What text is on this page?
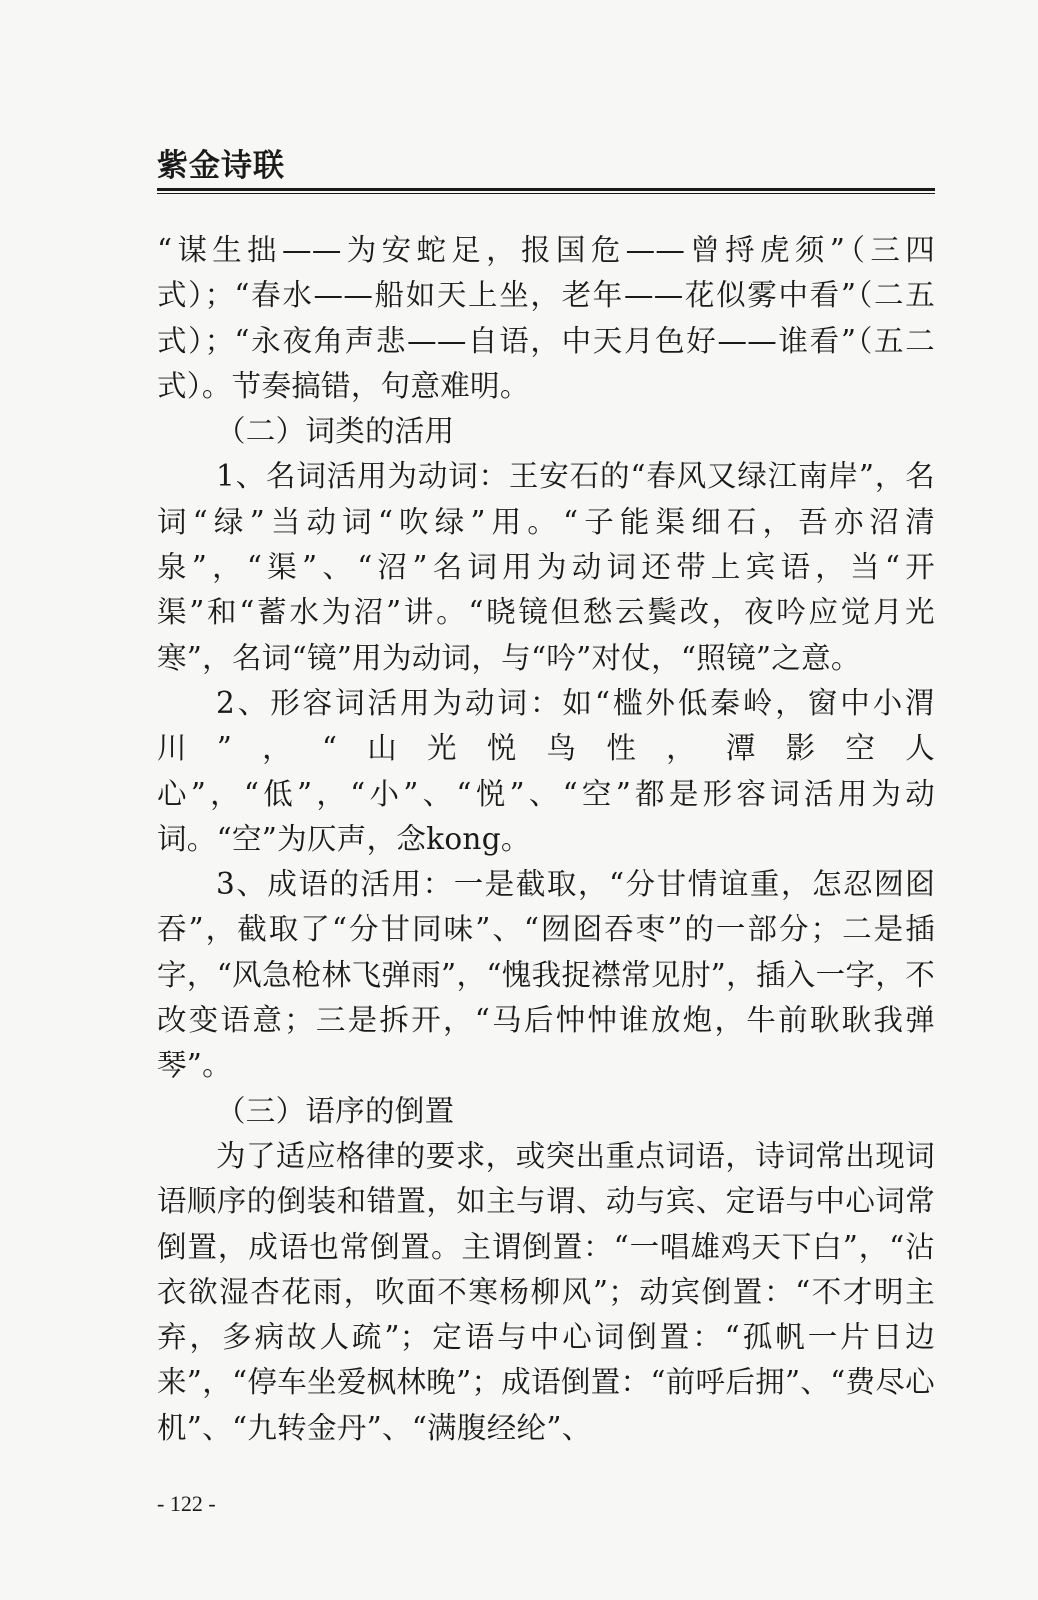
紫金诗联

“谋生拙——为安蛇足，报国危——曾捋虎须”（三四式）；“春水——船如天上坐，老年——花似雾中看”（二五式）；“永夜角声悲——自语，中天月色好——谁看”（五二式）。节奏搞错，句意难明。

（二）词类的活用

1、名词活用为动词：王安石的“春风又绿江南岸”，名词“绿”当动词“吹绿”用。“子能渠细石，吾亦沼清泉”，“渠”、“沼”名词用为动词还带上宾语，当“开渠”和“蓄水为沼”讲。“晓镜但愁云鬓改，夜吟应觉月光寒”，名词“镜”用为动词，与“吟”对仗，“照镜”之意。

2、形容词活用为动词：如“槛外低秦岭，窗中小渭川”，“山光悦鸟性，潭影空人心”，“低”，“小”、“悦”、“空”都是形容词活用为动词。“空”为仄声，念kong。

3、成语的活用：一是截取，“分甘情谊重，怎忍囫囵吞”，截取了“分甘同味”、“囫囵吞枣”的一部分；二是插字，“风急枪林飞弹雨”，“愧我捉襟常见肘”，插入一字，不改变语意；三是拆开，“马后忡忡谁放炮，牛前耿耿我弹琴”。

（三）语序的倒置

为了适应格律的要求，或突出重点词语，诗词常出现词语顺序的倒装和错置，如主与谓、动与宾、定语与中心词常倒置，成语也常倒置。主谓倒置：“一唱雄鸡天下白”，“沾衣欲湿杏花雨，吹面不寒杨柳风”；动宾倒置：“不才明主弃，多病故人疏”；定语与中心词倒置：“孤帆一片日边来”，“停车坐爱枫林晚”；成语倒置：“前呼后拥”、“费尽心机”、“九转金丹”、“满腹经纶”、

- 122 -
